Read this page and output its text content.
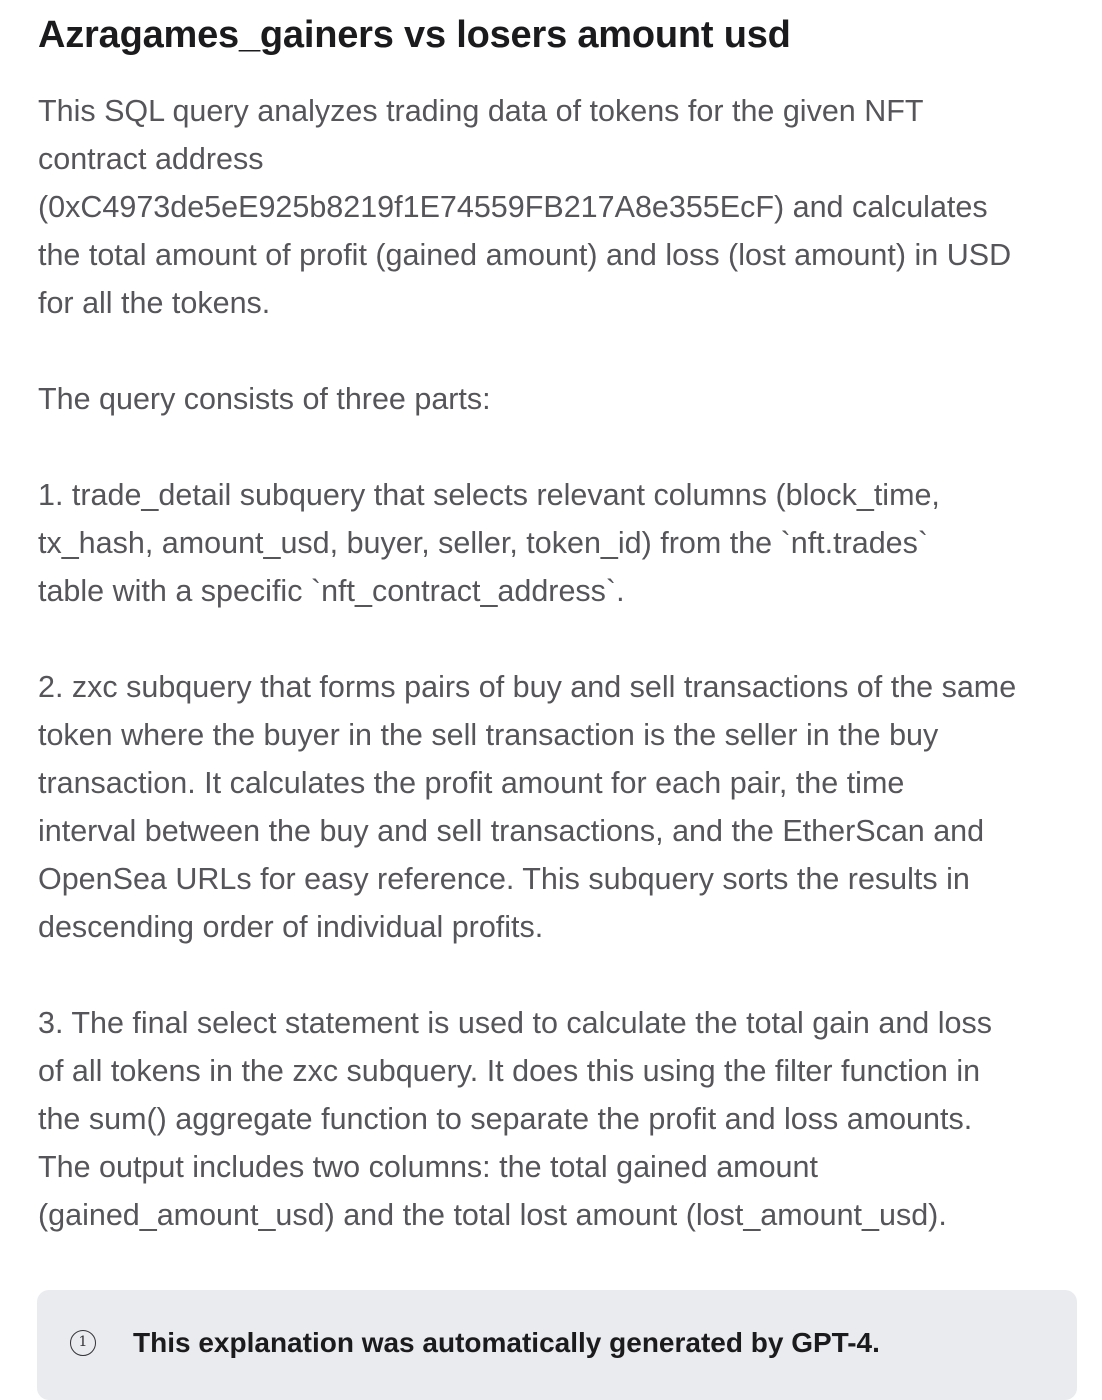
Azragames_gainers vs losers amount usd

This SQL query analyzes trading data of tokens for the given NFT
contract address
(0xC4973de5eE925b8219f1E74559FB217A8e355EcF) and calculates
the total amount of profit (gained amount) and loss (lost amount) in USD
for all the tokens.

The query consists of three parts:

1. trade_detail subquery that selects relevant columns (block_time,
tx_hash, amount_usd, buyer, seller, token_id) from the `nft.trades`
table with a specific `nft_contract_address`.

2. zxc subquery that forms pairs of buy and sell transactions of the same
token where the buyer in the sell transaction is the seller in the buy
transaction. It calculates the profit amount for each pair, the time
interval between the buy and sell transactions, and the EtherScan and
OpenSea URLs for easy reference. This subquery sorts the results in
descending order of individual profits.

3. The final select statement is used to calculate the total gain and loss
of all tokens in the zxc subquery. It does this using the filter function in
the sum() aggregate function to separate the profit and loss amounts.
The output includes two columns: the total gained amount
(gained_amount_usd) and the total lost amount (lost_amount_usd).

1	This explanation was automatically generated by GPT-4.
